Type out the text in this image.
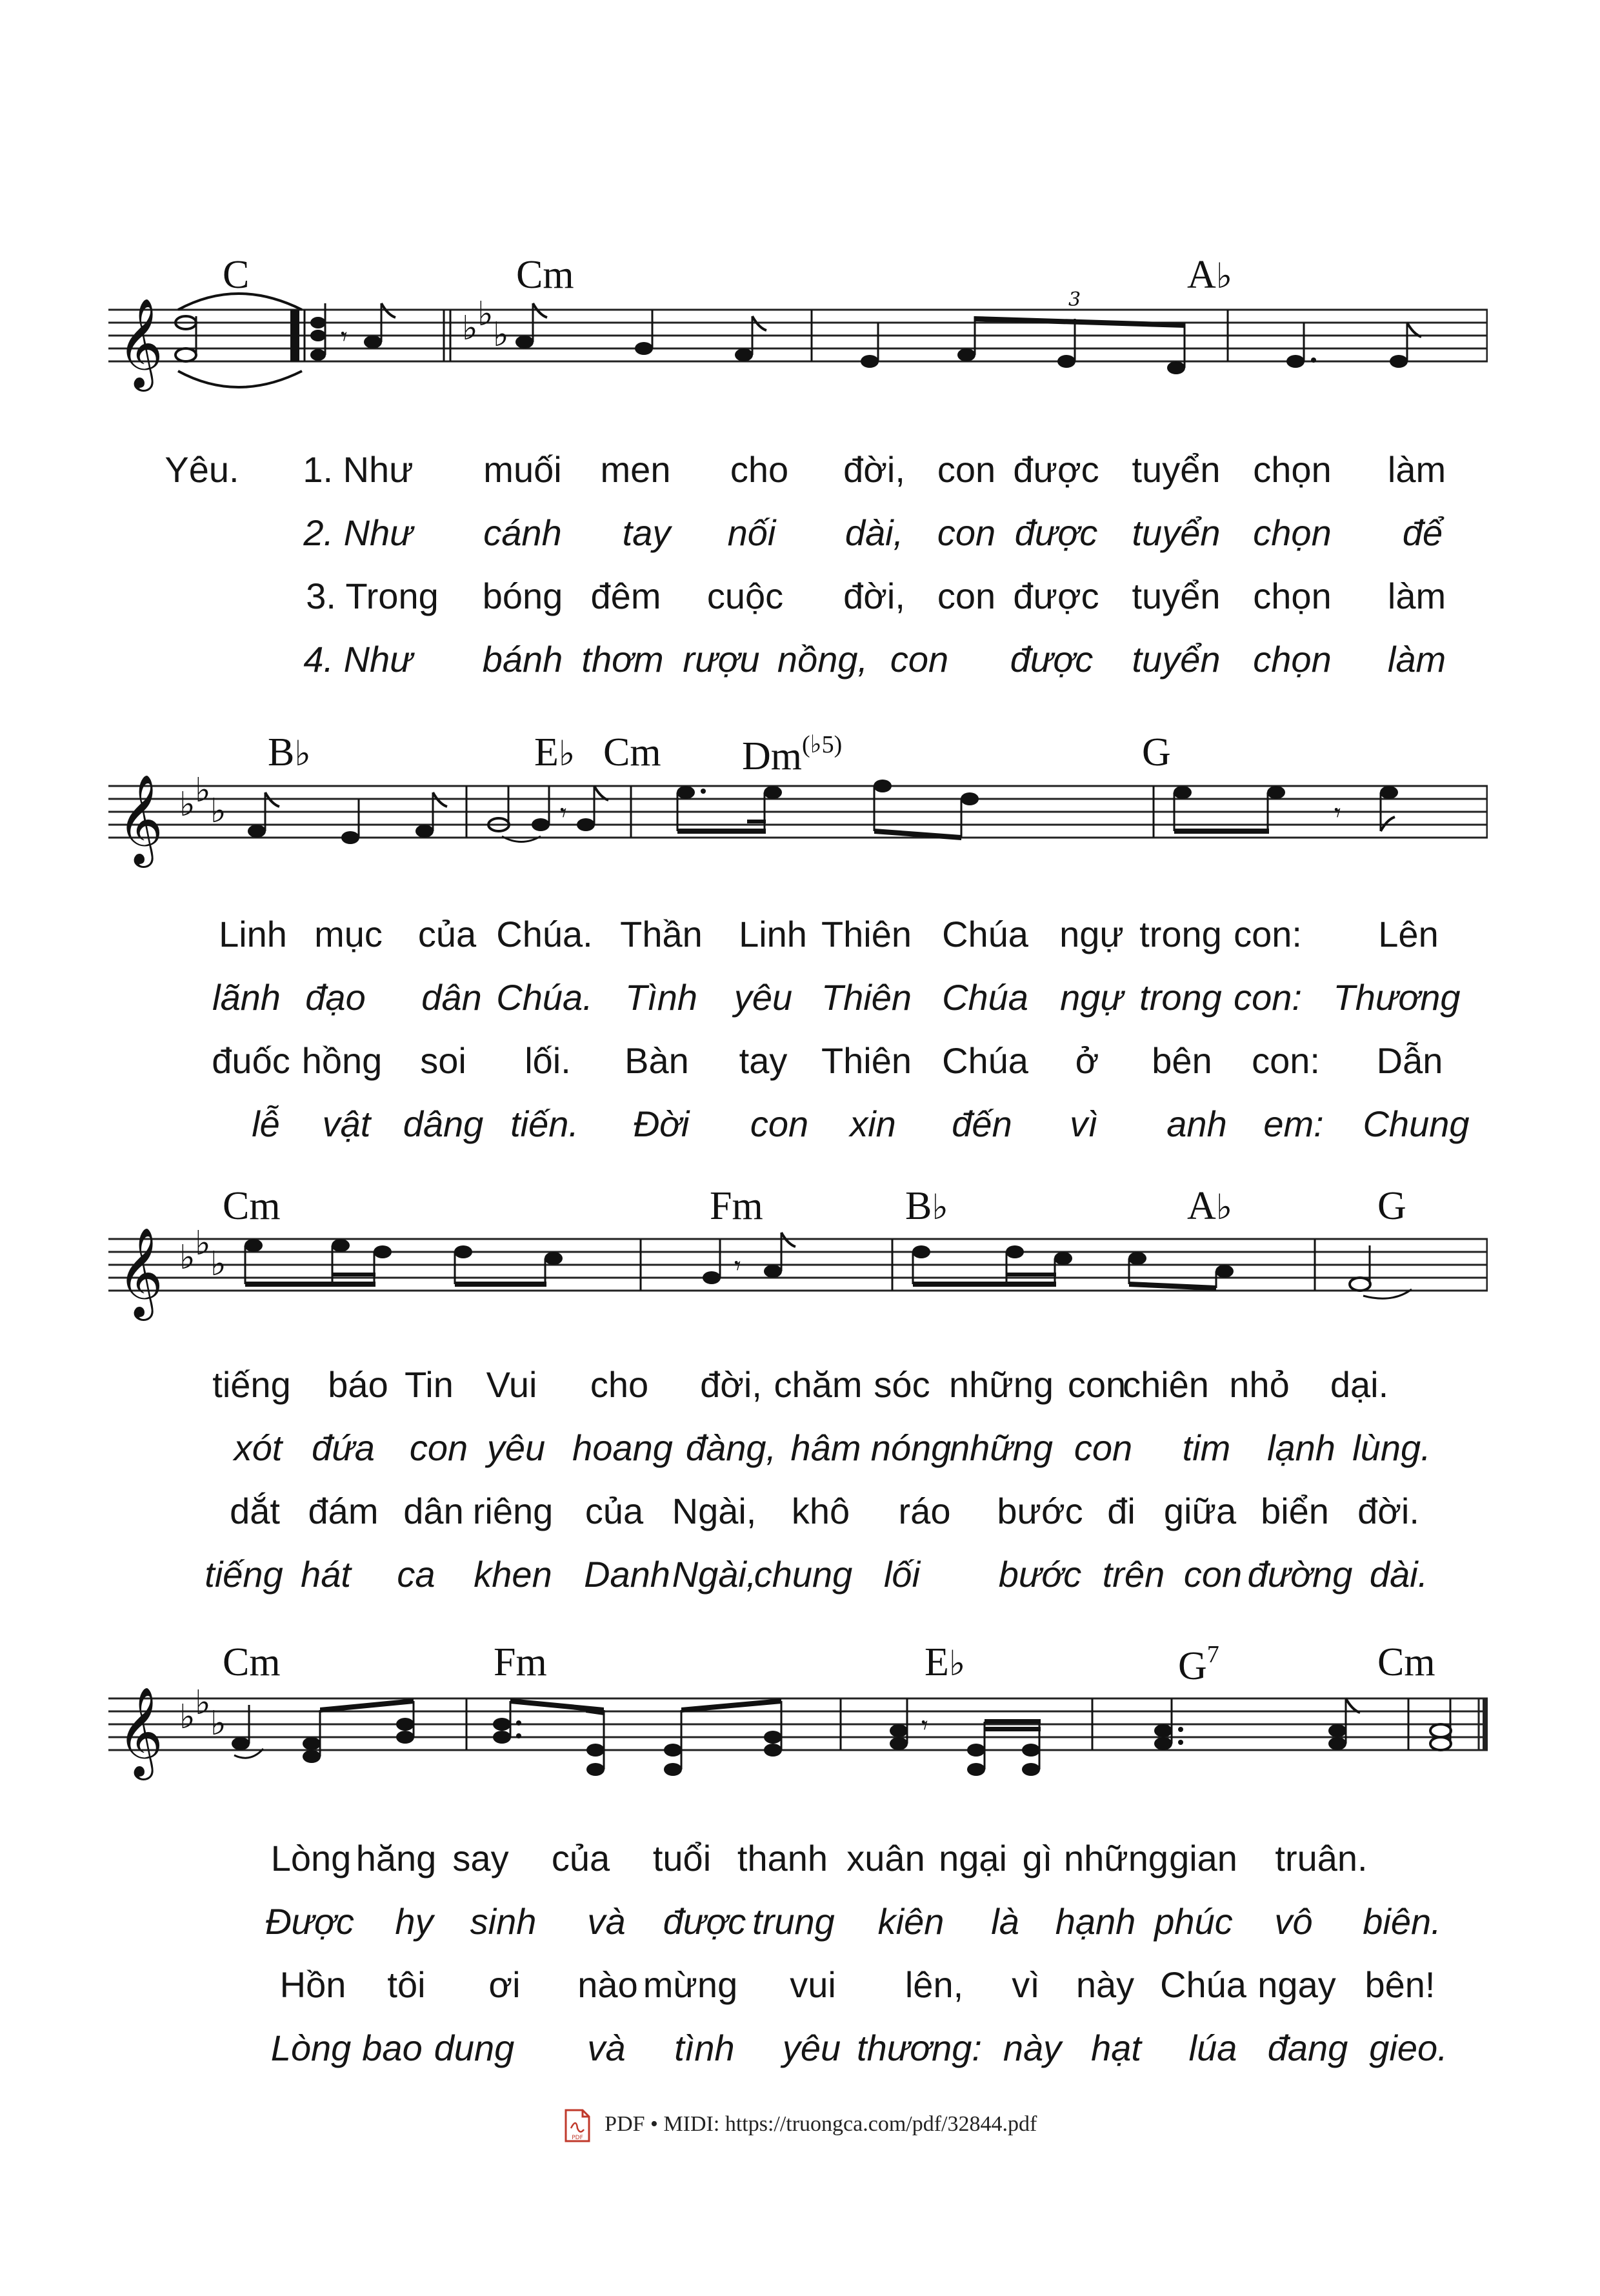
C	Cm	A♭
𝄞	𝄾	♭ ♭
♭
3
Yêu. 1. Như muối men cho đời, con được tuyển chọn làm
2. Như cánh tay nối dài, con được tuyển chọn để
3. Trong bóng đêm cuộc đời, con được tuyển chọn làm
4. Như bánh thơm rượu nồng, con được tuyển chọn làm
B♭	E♭ Cm $Dm^{(♭5)}$	G
𝄞 ♭ ♭
♭	𝄾	𝄾
Linh mục của Chúa. Thần Linh Thiên Chúa ngự trong con: Lên
lãnh đạo dân Chúa. Tình yêu Thiên Chúa ngự trong con: Thương
đuốc hồng soi lối. Bàn tay Thiên Chúa ở bên con: Dẫn
lễ vật dâng tiến. Đời con xin đến vì anh em: Chung
Cm	Fm	B♭	A♭	G
𝄞 ♭ ♭
♭	𝄾
tiếng báo Tin Vui cho đời, chăm sóc những con
chiên nhỏ dại.
xót đứa con yêu hoang đàng, hâm nóng
những con tim lạnh lùng.
dắt đám dân riêng của Ngài, khô ráo bước đi giữa biển đời.
tiếng hát ca khen Danh Ngài,
chung lối bước trên con đường dài.
Cm	Fm	E♭	$G^7$	Cm
𝄞 ♭ ♭
♭	𝄾
Lòng hăng say của tuổi thanh xuân ngại gì những gian truân.
Được hy sinh và được trung kiên là hạnh phúc vô biên.
Hồn tôi ơi nào mừng vui lên, vì này Chúa ngay bên!
Lòng bao dung và tình yêu thương: này hạt lúa đang gieo.
PDF
PDF • MIDI: https://truongca.com/pdf/32844.pdf
